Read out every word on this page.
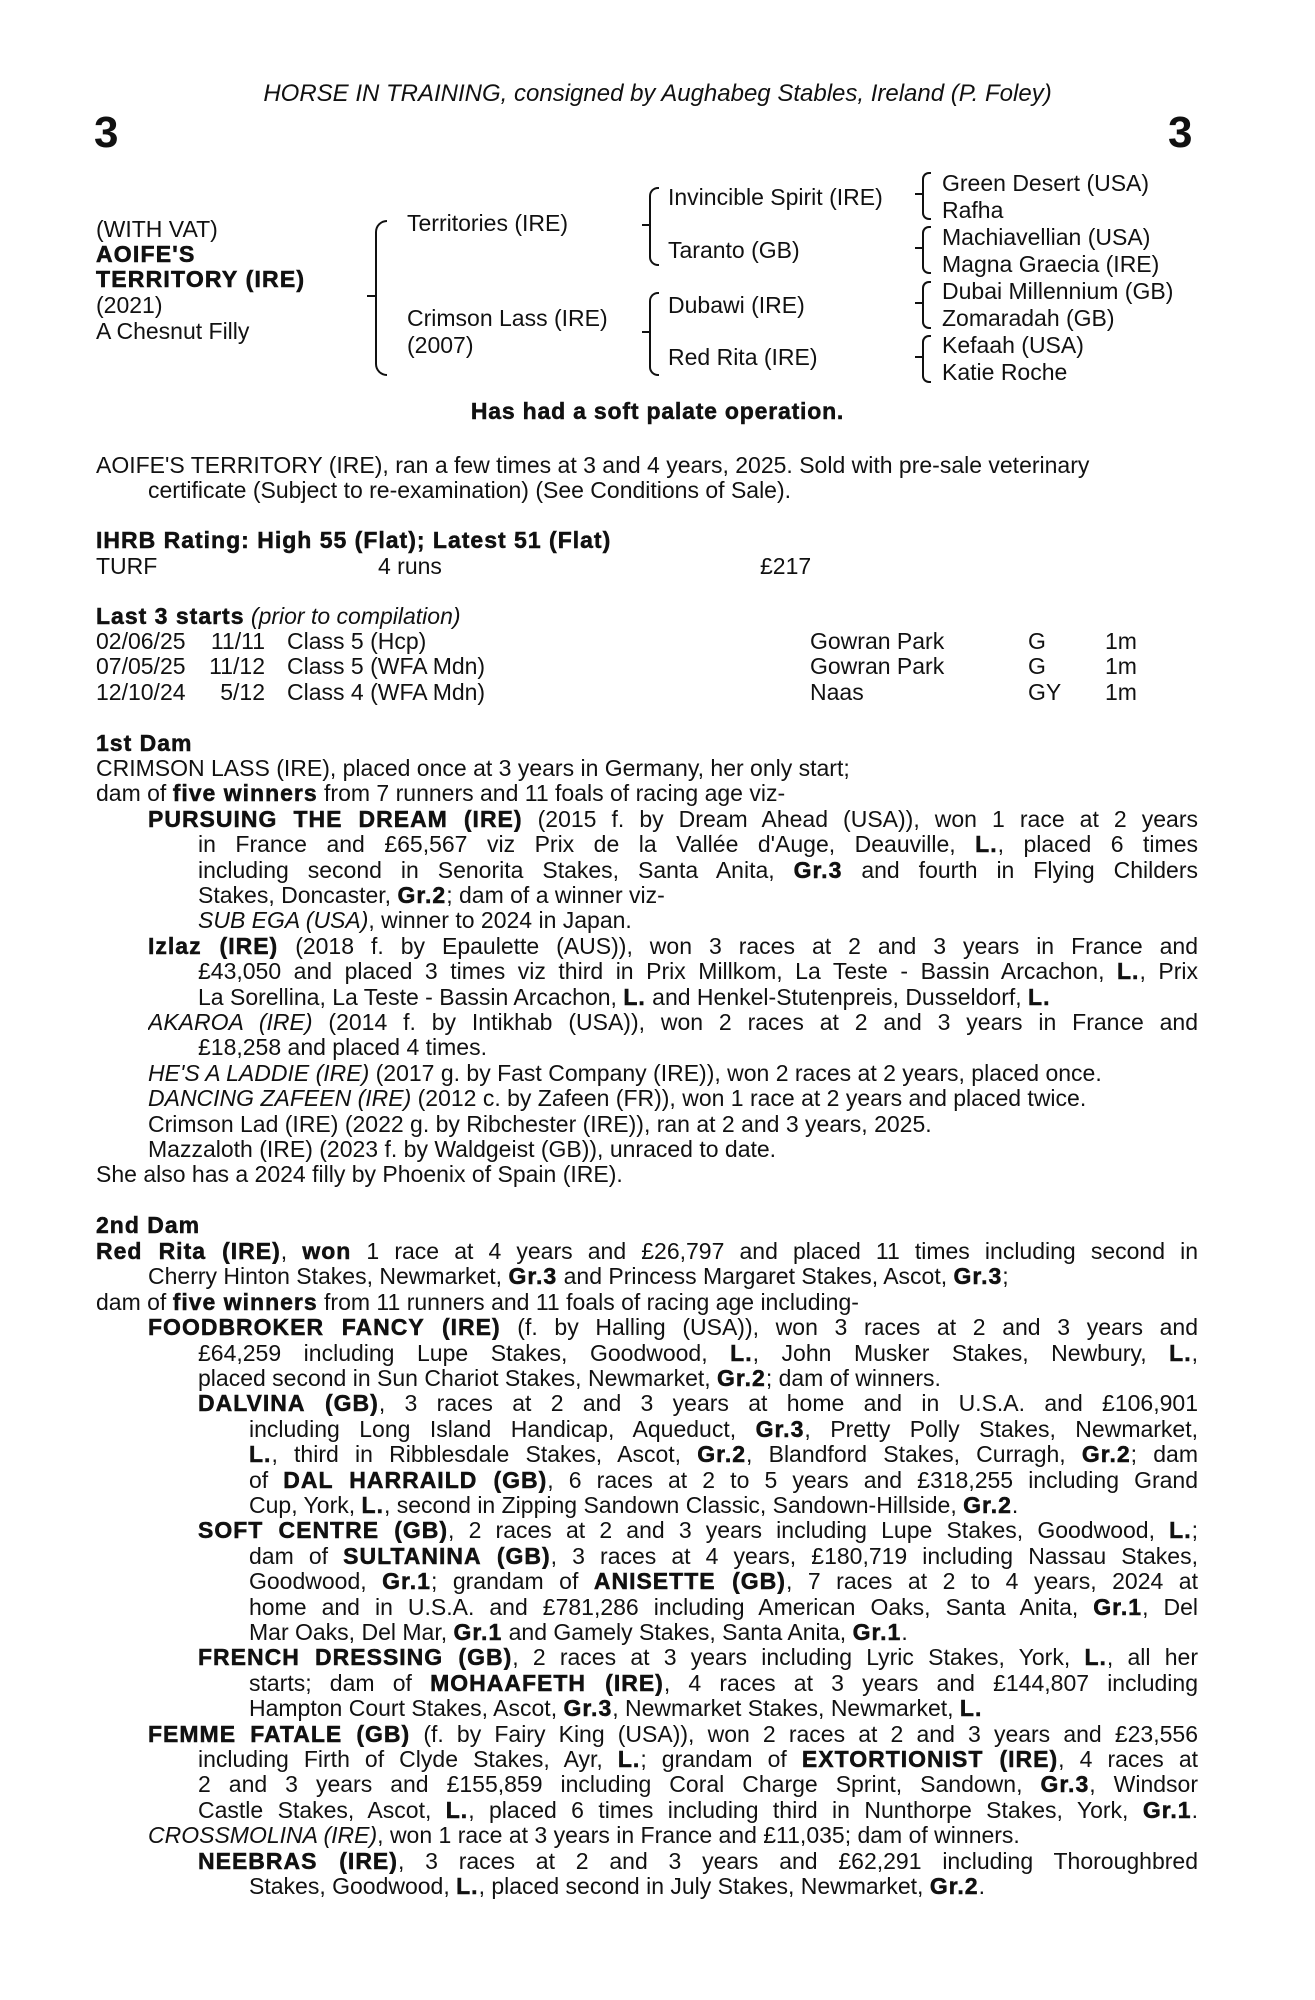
HORSE IN TRAINING, consigned by Aughabeg Stables, Ireland (P. Foley)
3	3
(WITH VAT)
AOIFE'S
TERRITORY (IRE)
(2021)
A Chesnut Filly
Territories (IRE)
Crimson Lass (IRE)
(2007)
Invincible Spirit (IRE)
Taranto (GB)
Dubawi (IRE)
Red Rita (IRE)
Green Desert (USA)
Rafha
Machiavellian (USA)
Magna Graecia (IRE)
Dubai Millennium (GB)
Zomaradah (GB)
Kefaah (USA)
Katie Roche
Has had a soft palate operation.
AOIFE'S TERRITORY (IRE), ran a few times at 3 and 4 years, 2025. Sold with pre-sale veterinary
certificate (Subject to re-examination) (See Conditions of Sale).
IHRB Rating: High 55 (Flat); Latest 51 (Flat)
TURF	4 runs	£217
Last 3 starts (prior to compilation)
02/06/25 11/11 Class 5 (Hcp)	Gowran Park	G	1m
07/05/25 11/12 Class 5 (WFA Mdn)	Gowran Park	G	1m
12/10/24 5/12 Class 4 (WFA Mdn)	Naas	GY 1m
1st Dam
CRIMSON LASS (IRE), placed once at 3 years in Germany, her only start;
dam of five winners from 7 runners and 11 foals of racing age viz-
PURSUING THE DREAM (IRE) (2015 f. by Dream Ahead (USA)), won 1 race at 2 years
in France and £65,567 viz Prix de la Vallée d'Auge, Deauville, L., placed 6 times
including second in Senorita Stakes, Santa Anita, Gr.3 and fourth in Flying Childers
Stakes, Doncaster, Gr.2; dam of a winner viz-
SUB EGA (USA), winner to 2024 in Japan.
Izlaz (IRE) (2018 f. by Epaulette (AUS)), won 3 races at 2 and 3 years in France and
£43,050 and placed 3 times viz third in Prix Millkom, La Teste - Bassin Arcachon, L., Prix
La Sorellina, La Teste - Bassin Arcachon, L. and Henkel-Stutenpreis, Dusseldorf, L.
AKAROA (IRE) (2014 f. by Intikhab (USA)), won 2 races at 2 and 3 years in France and
£18,258 and placed 4 times.
HE'S A LADDIE (IRE) (2017 g. by Fast Company (IRE)), won 2 races at 2 years, placed once.
DANCING ZAFEEN (IRE) (2012 c. by Zafeen (FR)), won 1 race at 2 years and placed twice.
Crimson Lad (IRE) (2022 g. by Ribchester (IRE)), ran at 2 and 3 years, 2025.
Mazzaloth (IRE) (2023 f. by Waldgeist (GB)), unraced to date.
She also has a 2024 filly by Phoenix of Spain (IRE).
2nd Dam
Red Rita (IRE), won 1 race at 4 years and £26,797 and placed 11 times including second in
Cherry Hinton Stakes, Newmarket, Gr.3 and Princess Margaret Stakes, Ascot, Gr.3;
dam of five winners from 11 runners and 11 foals of racing age including-
FOODBROKER FANCY (IRE) (f. by Halling (USA)), won 3 races at 2 and 3 years and
£64,259 including Lupe Stakes, Goodwood, L., John Musker Stakes, Newbury, L.,
placed second in Sun Chariot Stakes, Newmarket, Gr.2; dam of winners.
DALVINA (GB), 3 races at 2 and 3 years at home and in U.S.A. and £106,901
including Long Island Handicap, Aqueduct, Gr.3, Pretty Polly Stakes, Newmarket,
L., third in Ribblesdale Stakes, Ascot, Gr.2, Blandford Stakes, Curragh, Gr.2; dam
of DAL HARRAILD (GB), 6 races at 2 to 5 years and £318,255 including Grand
Cup, York, L., second in Zipping Sandown Classic, Sandown-Hillside, Gr.2.
SOFT CENTRE (GB), 2 races at 2 and 3 years including Lupe Stakes, Goodwood, L.;
dam of SULTANINA (GB), 3 races at 4 years, £180,719 including Nassau Stakes,
Goodwood, Gr.1; grandam of ANISETTE (GB), 7 races at 2 to 4 years, 2024 at
home and in U.S.A. and £781,286 including American Oaks, Santa Anita, Gr.1, Del
Mar Oaks, Del Mar, Gr.1 and Gamely Stakes, Santa Anita, Gr.1.
FRENCH DRESSING (GB), 2 races at 3 years including Lyric Stakes, York, L., all her
starts; dam of MOHAAFETH (IRE), 4 races at 3 years and £144,807 including
Hampton Court Stakes, Ascot, Gr.3, Newmarket Stakes, Newmarket, L.
FEMME FATALE (GB) (f. by Fairy King (USA)), won 2 races at 2 and 3 years and £23,556
including Firth of Clyde Stakes, Ayr, L.; grandam of EXTORTIONIST (IRE), 4 races at
2 and 3 years and £155,859 including Coral Charge Sprint, Sandown, Gr.3, Windsor
Castle Stakes, Ascot, L., placed 6 times including third in Nunthorpe Stakes, York, Gr.1.
CROSSMOLINA (IRE), won 1 race at 3 years in France and £11,035; dam of winners.
NEEBRAS (IRE), 3 races at 2 and 3 years and £62,291 including Thoroughbred
Stakes, Goodwood, L., placed second in July Stakes, Newmarket, Gr.2.
